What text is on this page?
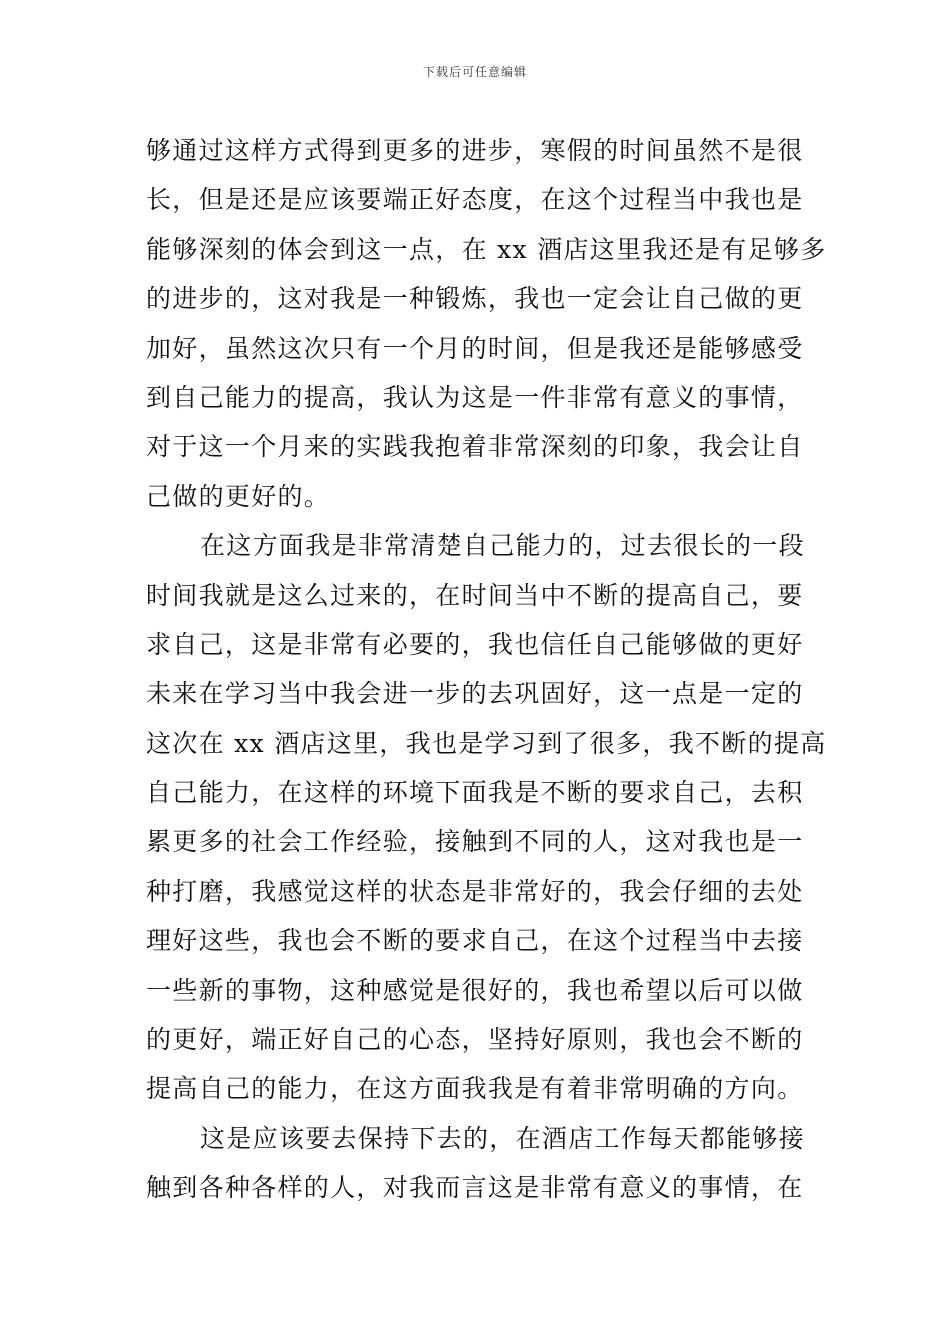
下载后可任意编辑
够通过这样方式得到更多的进步，寒假的时间虽然不是很
长，但是还是应该要端正好态度，在这个过程当中我也是
能够深刻的体会到这一点，在 xx 酒店这里我还是有足够多
的进步的，这对我是一种锻炼，我也一定会让自己做的更
加好，虽然这次只有一个月的时间，但是我还是能够感受
到自己能力的提高，我认为这是一件非常有意义的事情，
对于这一个月来的实践我抱着非常深刻的印象，我会让自
己做的更好的。
在这方面我是非常清楚自己能力的，过去很长的一段
时间我就是这么过来的，在时间当中不断的提高自己，要
求自己，这是非常有必要的，我也信任自己能够做的更好
未来在学习当中我会进一步的去巩固好，这一点是一定的
这次在 xx 酒店这里，我也是学习到了很多，我不断的提高
自己能力，在这样的环境下面我是不断的要求自己，去积
累更多的社会工作经验，接触到不同的人，这对我也是一
种打磨，我感觉这样的状态是非常好的，我会仔细的去处
理好这些，我也会不断的要求自己，在这个过程当中去接
一些新的事物，这种感觉是很好的，我也希望以后可以做
的更好，端正好自己的心态，坚持好原则，我也会不断的
提高自己的能力，在这方面我我是有着非常明确的方向。
这是应该要去保持下去的，在酒店工作每天都能够接
触到各种各样的人，对我而言这是非常有意义的事情，在
